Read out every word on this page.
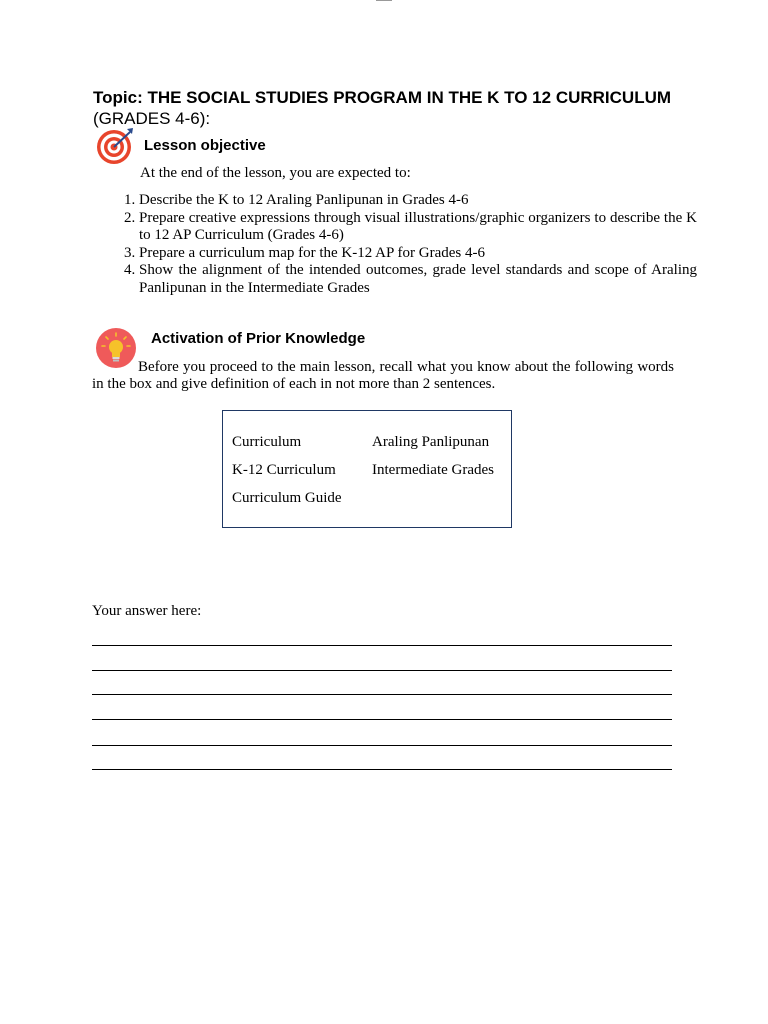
Topic: THE SOCIAL STUDIES PROGRAM IN THE K TO 12 CURRICULUM (GRADES 4-6):
Lesson objective
At the end of the lesson, you are expected to:
1. Describe the K to 12 Araling Panlipunan in Grades 4-6
2. Prepare creative expressions through visual illustrations/graphic organizers to describe the K to 12 AP Curriculum (Grades 4-6)
3. Prepare a curriculum map for the K-12 AP for Grades 4-6
4. Show the alignment of the intended outcomes, grade level standards and scope of Araling Panlipunan in the Intermediate Grades
Activation of Prior Knowledge
Before you proceed to the main lesson, recall what you know about the following words in the box and give definition of each in not more than 2 sentences.
Curriculum	Araling Panlipunan
K-12 Curriculum Intermediate Grades
Curriculum Guide
Your answer here:
